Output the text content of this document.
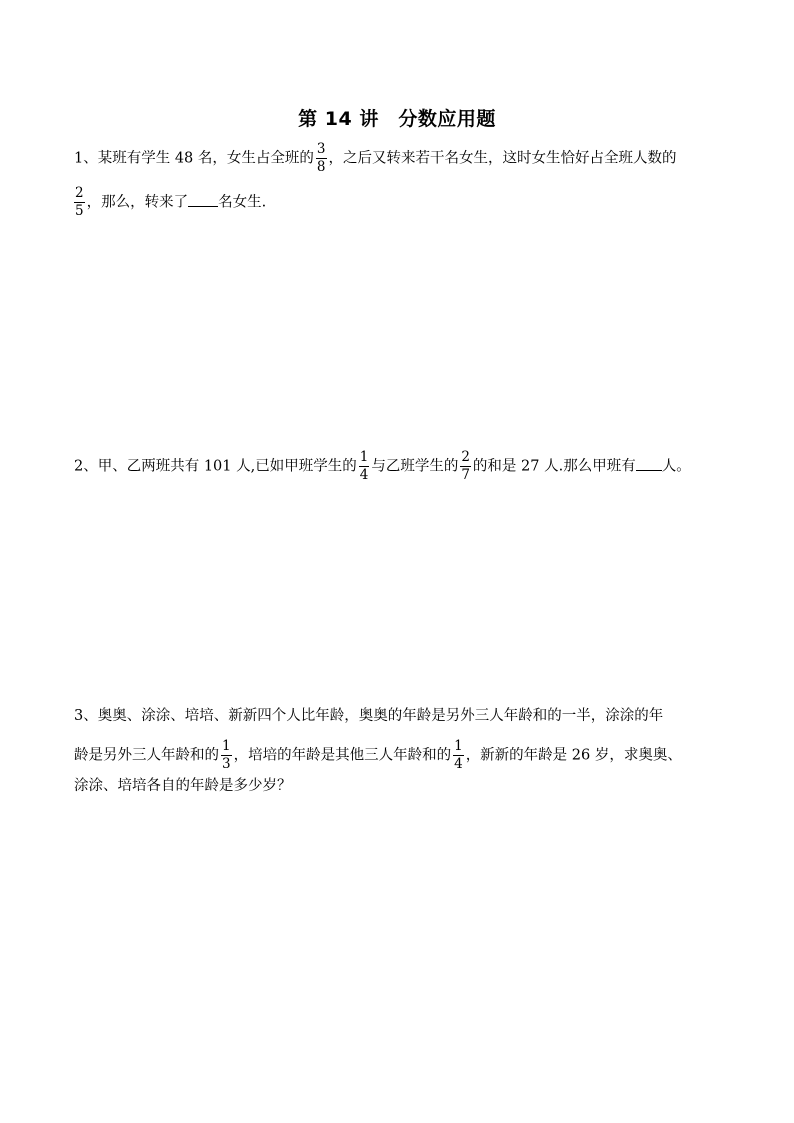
第 14 讲　分数应用题
1、某班有学生 48 名，女生占全班的 $\frac{3}{8}$ ，之后又转来若干名女生，这时女生恰好占全班人数的
$\frac{2}{5}$ ，那么，转来了 名女生.
2、甲、乙两班共有 101 人,已如甲班学生的 $\frac{1}{4}$ 与乙班学生的 $\frac{2}{7}$ 的和是 27 人.那么甲班有 人。
3、奥奥、涂涂、培培、新新四个人比年龄，奥奥的年龄是另外三人年龄和的一半，涂涂的年
龄是另外三人年龄和的 $\frac{1}{3}$ ，培培的年龄是其他三人年龄和的 $\frac{1}{4}$ ，新新的年龄是 26 岁，求奥奥、
涂涂、培培各自的年龄是多少岁？
